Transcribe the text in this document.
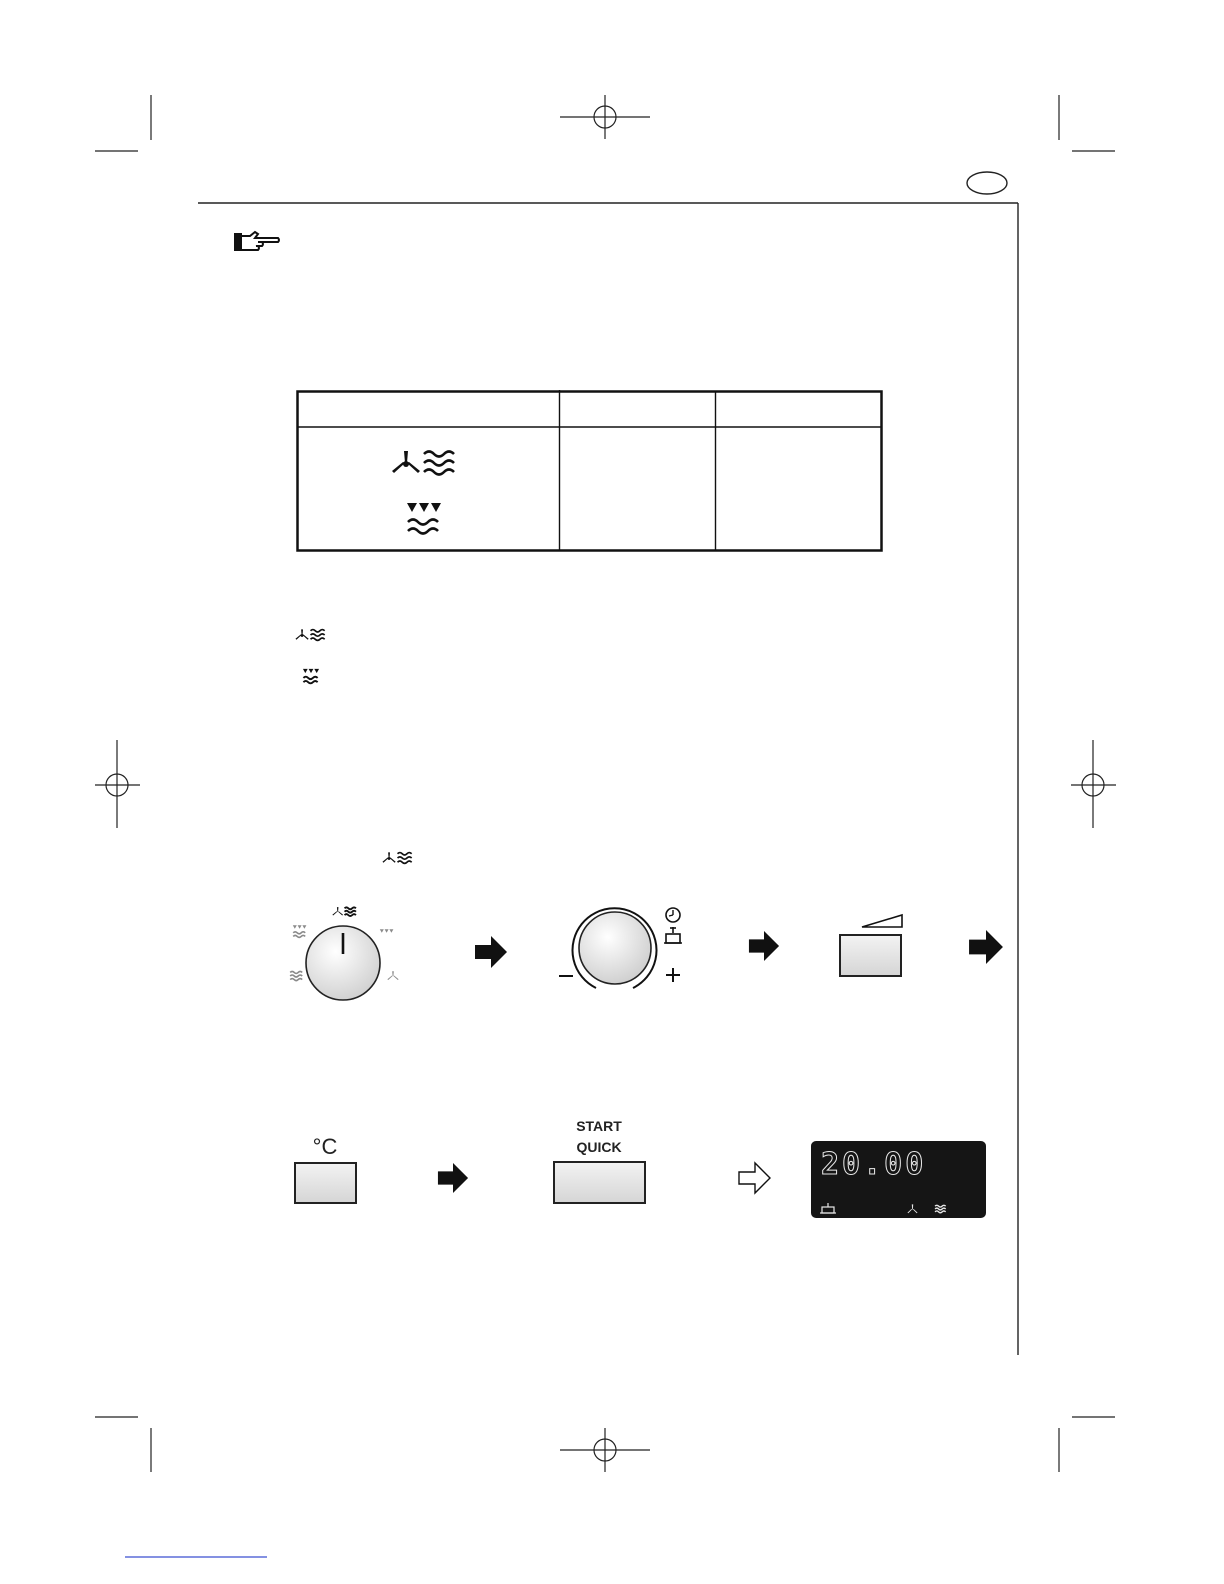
°C
START
QUICK	20.00
